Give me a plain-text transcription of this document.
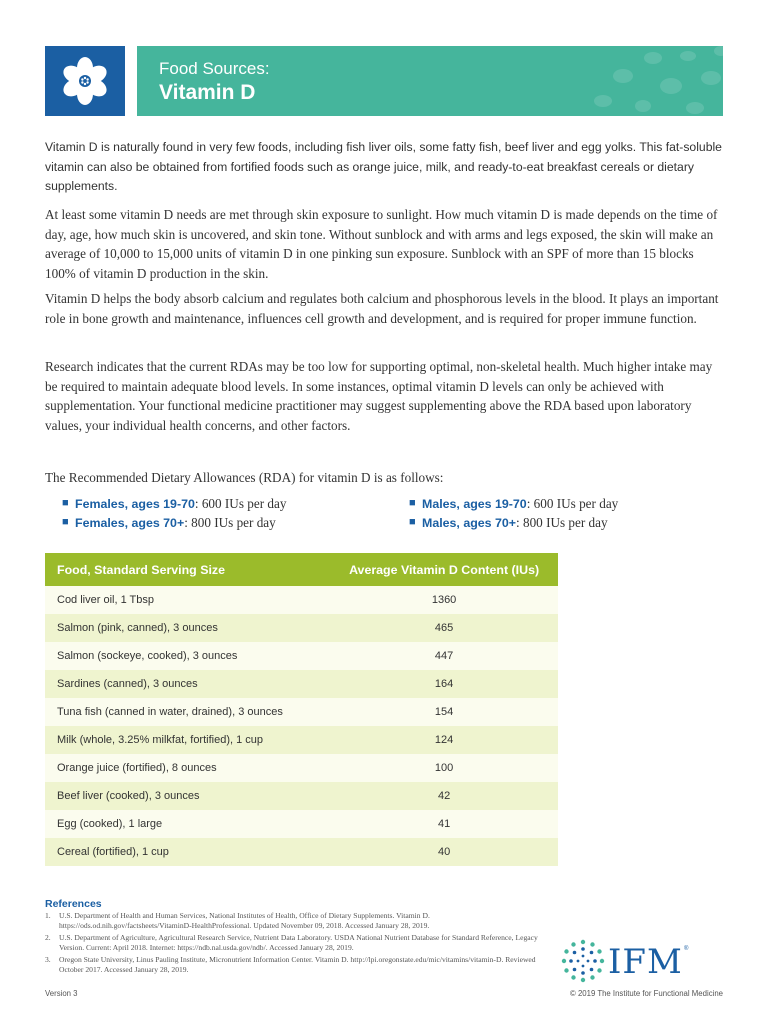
Food Sources:
Vitamin D

Vitamin D is naturally found in very few foods, including fish liver oils, some fatty fish, beef liver and egg yolks. This fat-soluble vitamin can also be obtained from fortified foods such as orange juice, milk, and ready-to-eat breakfast cereals or dietary supplements.

At least some vitamin D needs are met through skin exposure to sunlight. How much vitamin D is made depends on the time of day, age, how much skin is uncovered, and skin tone. Without sunblock and with arms and legs exposed, the skin will make an average of 10,000 to 15,000 units of vitamin D in one pinking sun exposure. Sunblock with an SPF of more than 15 blocks 100% of vitamin D production in the skin.

Vitamin D helps the body absorb calcium and regulates both calcium and phosphorous levels in the blood. It plays an important role in bone growth and maintenance, influences cell growth and development, and is required for proper immune function.

Research indicates that the current RDAs may be too low for supporting optimal, non-skeletal health. Much higher intake may be required to maintain adequate blood levels. In some instances, optimal vitamin D levels can only be achieved with supplementation. Your functional medicine practitioner may suggest supplementing above the RDA based upon laboratory values, your individual health concerns, and other factors.

The Recommended Dietary Allowances (RDA) for vitamin D is as follows:

■ Females, ages 19-70: 600 IUs per day
■ Females, ages 70+: 800 IUs per day
■ Males, ages 19-70: 600 IUs per day
■ Males, ages 70+: 800 IUs per day
Food, Standard Serving Size	Average Vitamin D Content (IUs)
Cod liver oil, 1 Tbsp	1360
Salmon (pink, canned), 3 ounces	465
Salmon (sockeye, cooked), 3 ounces	447
Sardines (canned), 3 ounces	164
Tuna fish (canned in water, drained), 3 ounces	154
Milk (whole, 3.25% milkfat, fortified), 1 cup	124
Orange juice (fortified), 8 ounces	100
Beef liver (cooked), 3 ounces	42
Egg (cooked), 1 large	41
Cereal (fortified), 1 cup	40
References
1. U.S. Department of Health and Human Services, National Institutes of Health, Office of Dietary Supplements. Vitamin D. https://ods.od.nih.gov/factsheets/VitaminD-HealthProfessional. Updated November 09, 2018. Accessed January 28, 2019.
2. U.S. Department of Agriculture, Agricultural Research Service, Nutrient Data Laboratory. USDA National Nutrient Database for Standard Reference, Legacy Version. Current: April 2018. Internet: https://ndb.nal.usda.gov/ndb/. Accessed January 28, 2019.
3. Oregon State University, Linus Pauling Institute, Micronutrient Information Center. Vitamin D. http://lpi.oregonstate.edu/mic/vitamins/vitamin-D. Reviewed October 2017. Accessed January 28, 2019.	IFM ®
Version 3	© 2019 The Institute for Functional Medicine
